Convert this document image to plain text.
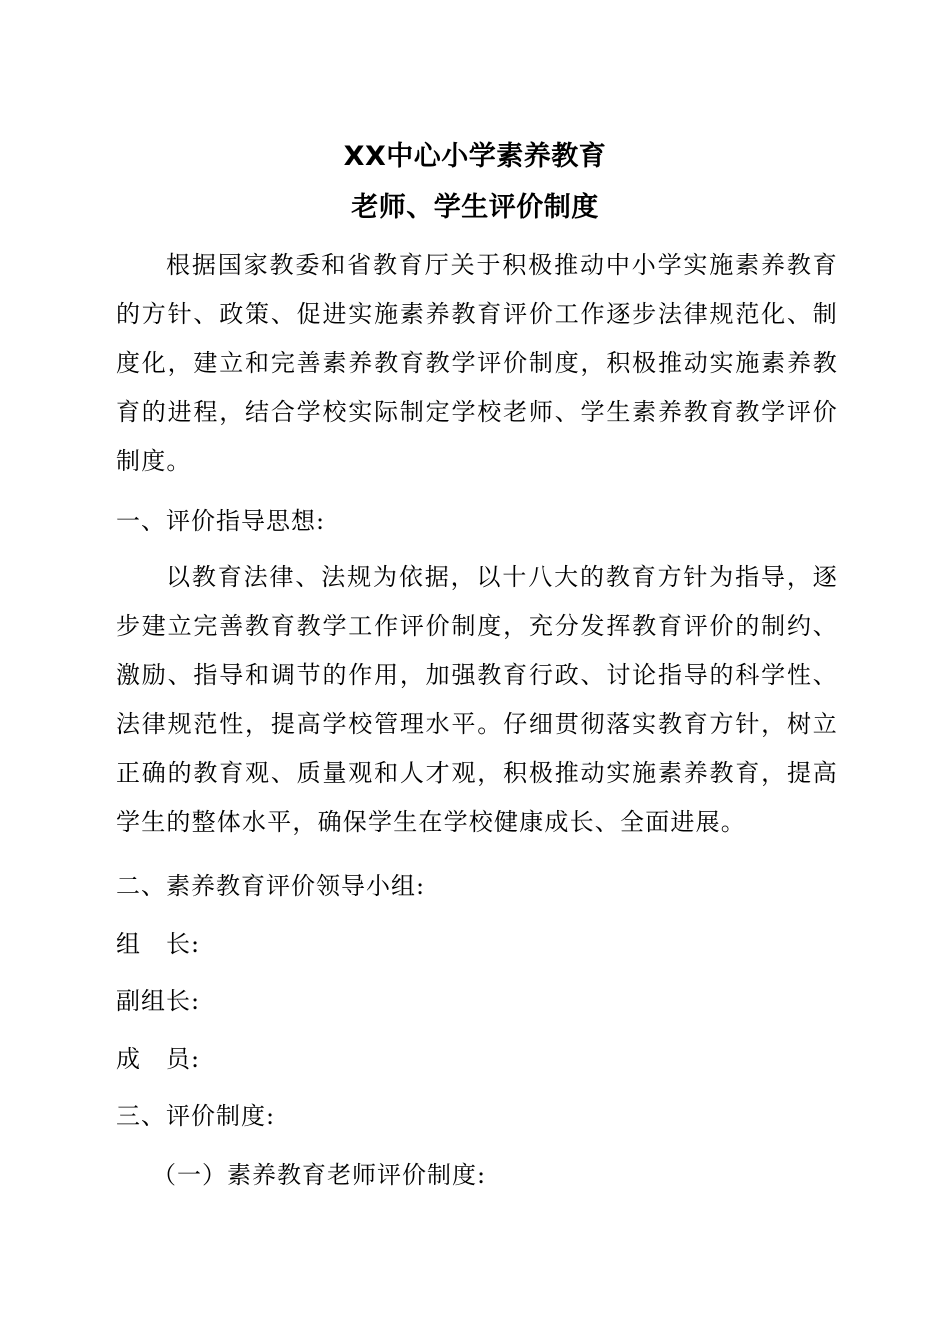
XX中心小学素养教育
老师、学生评价制度

根据国家教委和省教育厅关于积极推动中小学实施素养教育的方针、政策、促进实施素养教育评价工作逐步法律规范化、制度化，建立和完善素养教育教学评价制度，积极推动实施素养教育的进程，结合学校实际制定学校老师、学生素养教育教学评价制度。

一、评价指导思想:

以教育法律、法规为依据，以十八大的教育方针为指导，逐步建立完善教育教学工作评价制度，充分发挥教育评价的制约、激励、指导和调节的作用，加强教育行政、讨论指导的科学性、法律规范性，提高学校管理水平。仔细贯彻落实教育方针，树立正确的教育观、质量观和人才观，积极推动实施素养教育，提高学生的整体水平，确保学生在学校健康成长、全面进展。

二、素养教育评价领导小组:
组　长:
副组长:
成　员:
三、评价制度:
（一）素养教育老师评价制度:
